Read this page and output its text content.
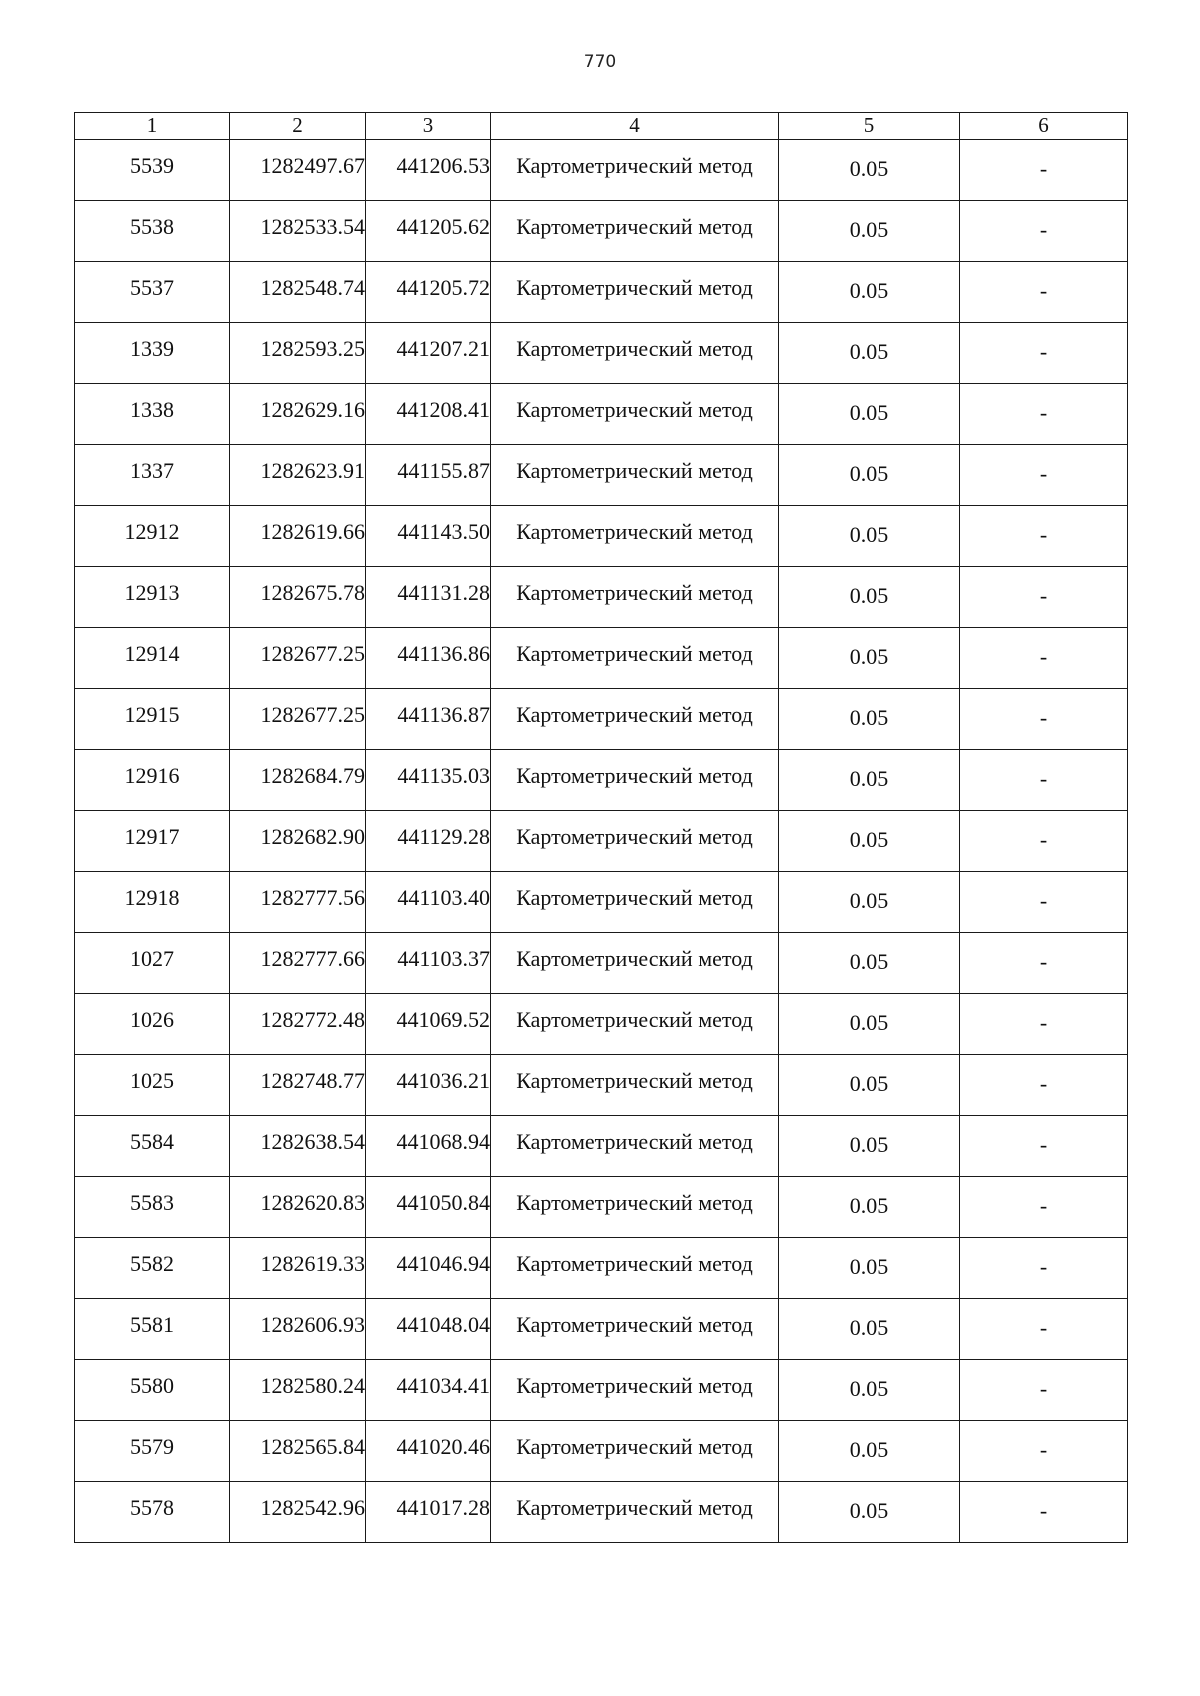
770
1	2	3	4	5	6
5539	1282497.67	441206.53	Картометрический метод	0.05	-
5538	1282533.54	441205.62	Картометрический метод	0.05	-
5537	1282548.74	441205.72	Картометрический метод	0.05	-
1339	1282593.25	441207.21	Картометрический метод	0.05	-
1338	1282629.16	441208.41	Картометрический метод	0.05	-
1337	1282623.91	441155.87	Картометрический метод	0.05	-
12912	1282619.66	441143.50	Картометрический метод	0.05	-
12913	1282675.78	441131.28	Картометрический метод	0.05	-
12914	1282677.25	441136.86	Картометрический метод	0.05	-
12915	1282677.25	441136.87	Картометрический метод	0.05	-
12916	1282684.79	441135.03	Картометрический метод	0.05	-
12917	1282682.90	441129.28	Картометрический метод	0.05	-
12918	1282777.56	441103.40	Картометрический метод	0.05	-
1027	1282777.66	441103.37	Картометрический метод	0.05	-
1026	1282772.48	441069.52	Картометрический метод	0.05	-
1025	1282748.77	441036.21	Картометрический метод	0.05	-
5584	1282638.54	441068.94	Картометрический метод	0.05	-
5583	1282620.83	441050.84	Картометрический метод	0.05	-
5582	1282619.33	441046.94	Картометрический метод	0.05	-
5581	1282606.93	441048.04	Картометрический метод	0.05	-
5580	1282580.24	441034.41	Картометрический метод	0.05	-
5579	1282565.84	441020.46	Картометрический метод	0.05	-
5578	1282542.96	441017.28	Картометрический метод	0.05	-
